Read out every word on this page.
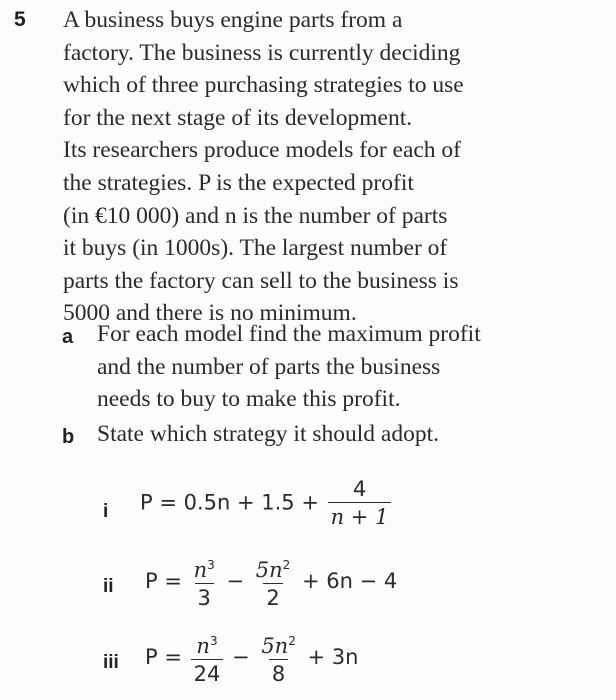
5 A business buys engine parts from a
factory. The business is currently deciding
which of three purchasing strategies to use
for the next stage of its development.
Its researchers produce models for each of
the strategies. P is the expected profit
(in €10 000) and n is the number of parts
it buys (in 1000s). The largest number of
parts the factory can sell to the business is
5000 and there is no minimum.
a For each model find the maximum profit
and the number of parts the business
needs to buy to make this profit.
b State which strategy it should adopt.
i $P = 0.5n + 1.5 + \frac{4}{n + 1}$
ii $P = \frac{n^3}{3} - \frac{5n^2}{2} + 6n - 4$
iii $P = \frac{n^3}{24} - \frac{5n^2}{8} + 3n$
